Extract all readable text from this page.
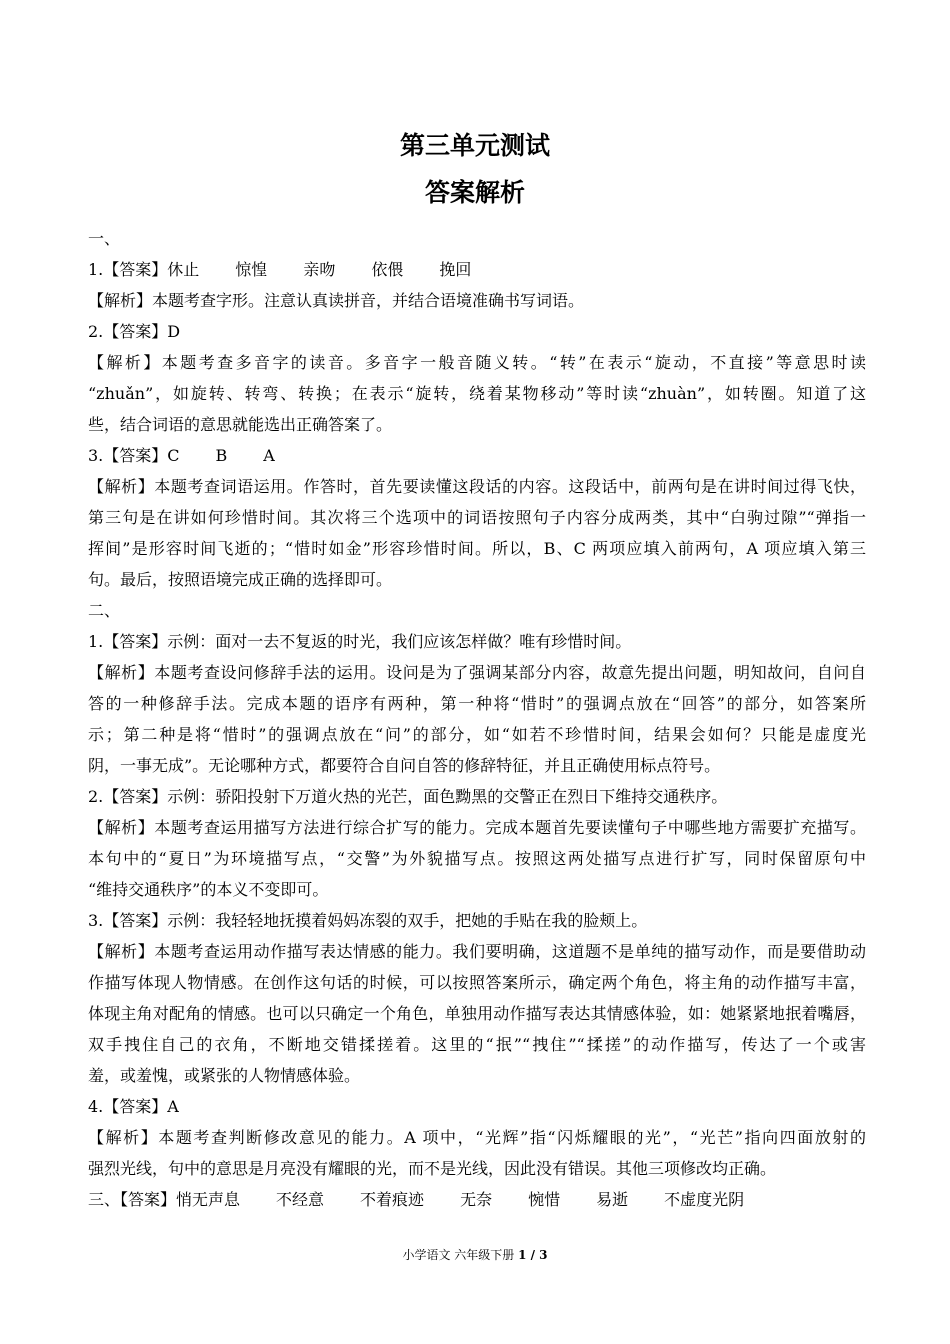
第三单元测试
答案解析
一、
1.【答案】休止 惊惶 亲吻 依偎 挽回
【解析】本题考查字形。注意认真读拼音，并结合语境准确书写词语。
2.【答案】D
【解析】本题考查多音字的读音。多音字一般音随义转。“转”在表示“旋动，不直接”等意思时读
“zhuǎn”，如旋转、转弯、转换；在表示“旋转，绕着某物移动”等时读“zhuàn”，如转圈。知道了这
些，结合词语的意思就能选出正确答案了。
3.【答案】C B A
【解析】本题考查词语运用。作答时，首先要读懂这段话的内容。这段话中，前两句是在讲时间过得飞快，
第三句是在讲如何珍惜时间。其次将三个选项中的词语按照句子内容分成两类，其中“白驹过隙”“弹指一
挥间”是形容时间飞逝的；“惜时如金”形容珍惜时间。所以，B、C 两项应填入前两句，A 项应填入第三
句。最后，按照语境完成正确的选择即可。
二、
1.【答案】示例：面对一去不复返的时光，我们应该怎样做？唯有珍惜时间。
【解析】本题考查设问修辞手法的运用。设问是为了强调某部分内容，故意先提出问题，明知故问，自问自
答的一种修辞手法。完成本题的语序有两种，第一种将“惜时”的强调点放在“回答”的部分，如答案所
示；第二种是将“惜时”的强调点放在“问”的部分，如“如若不珍惜时间，结果会如何？只能是虚度光
阴，一事无成”。无论哪种方式，都要符合自问自答的修辞特征，并且正确使用标点符号。
2.【答案】示例：骄阳投射下万道火热的光芒，面色黝黑的交警正在烈日下维持交通秩序。
【解析】本题考查运用描写方法进行综合扩写的能力。完成本题首先要读懂句子中哪些地方需要扩充描写。
本句中的“夏日”为环境描写点，“交警”为外貌描写点。按照这两处描写点进行扩写，同时保留原句中
“维持交通秩序”的本义不变即可。
3.【答案】示例：我轻轻地抚摸着妈妈冻裂的双手，把她的手贴在我的脸颊上。
【解析】本题考查运用动作描写表达情感的能力。我们要明确，这道题不是单纯的描写动作，而是要借助动
作描写体现人物情感。在创作这句话的时候，可以按照答案所示，确定两个角色，将主角的动作描写丰富，
体现主角对配角的情感。也可以只确定一个角色，单独用动作描写表达其情感体验，如：她紧紧地抿着嘴唇，
双手拽住自己的衣角，不断地交错揉搓着。这里的“抿”“拽住”“揉搓”的动作描写，传达了一个或害
羞，或羞愧，或紧张的人物情感体验。
4.【答案】A
【解析】本题考查判断修改意见的能力。A 项中，“光辉”指“闪烁耀眼的光”，“光芒”指向四面放射的
强烈光线，句中的意思是月亮没有耀眼的光，而不是光线，因此没有错误。其他三项修改均正确。
三、【答案】悄无声息 不经意 不着痕迹 无奈 惋惜 易逝 不虚度光阴
小学语文 六年级下册 1 / 3
